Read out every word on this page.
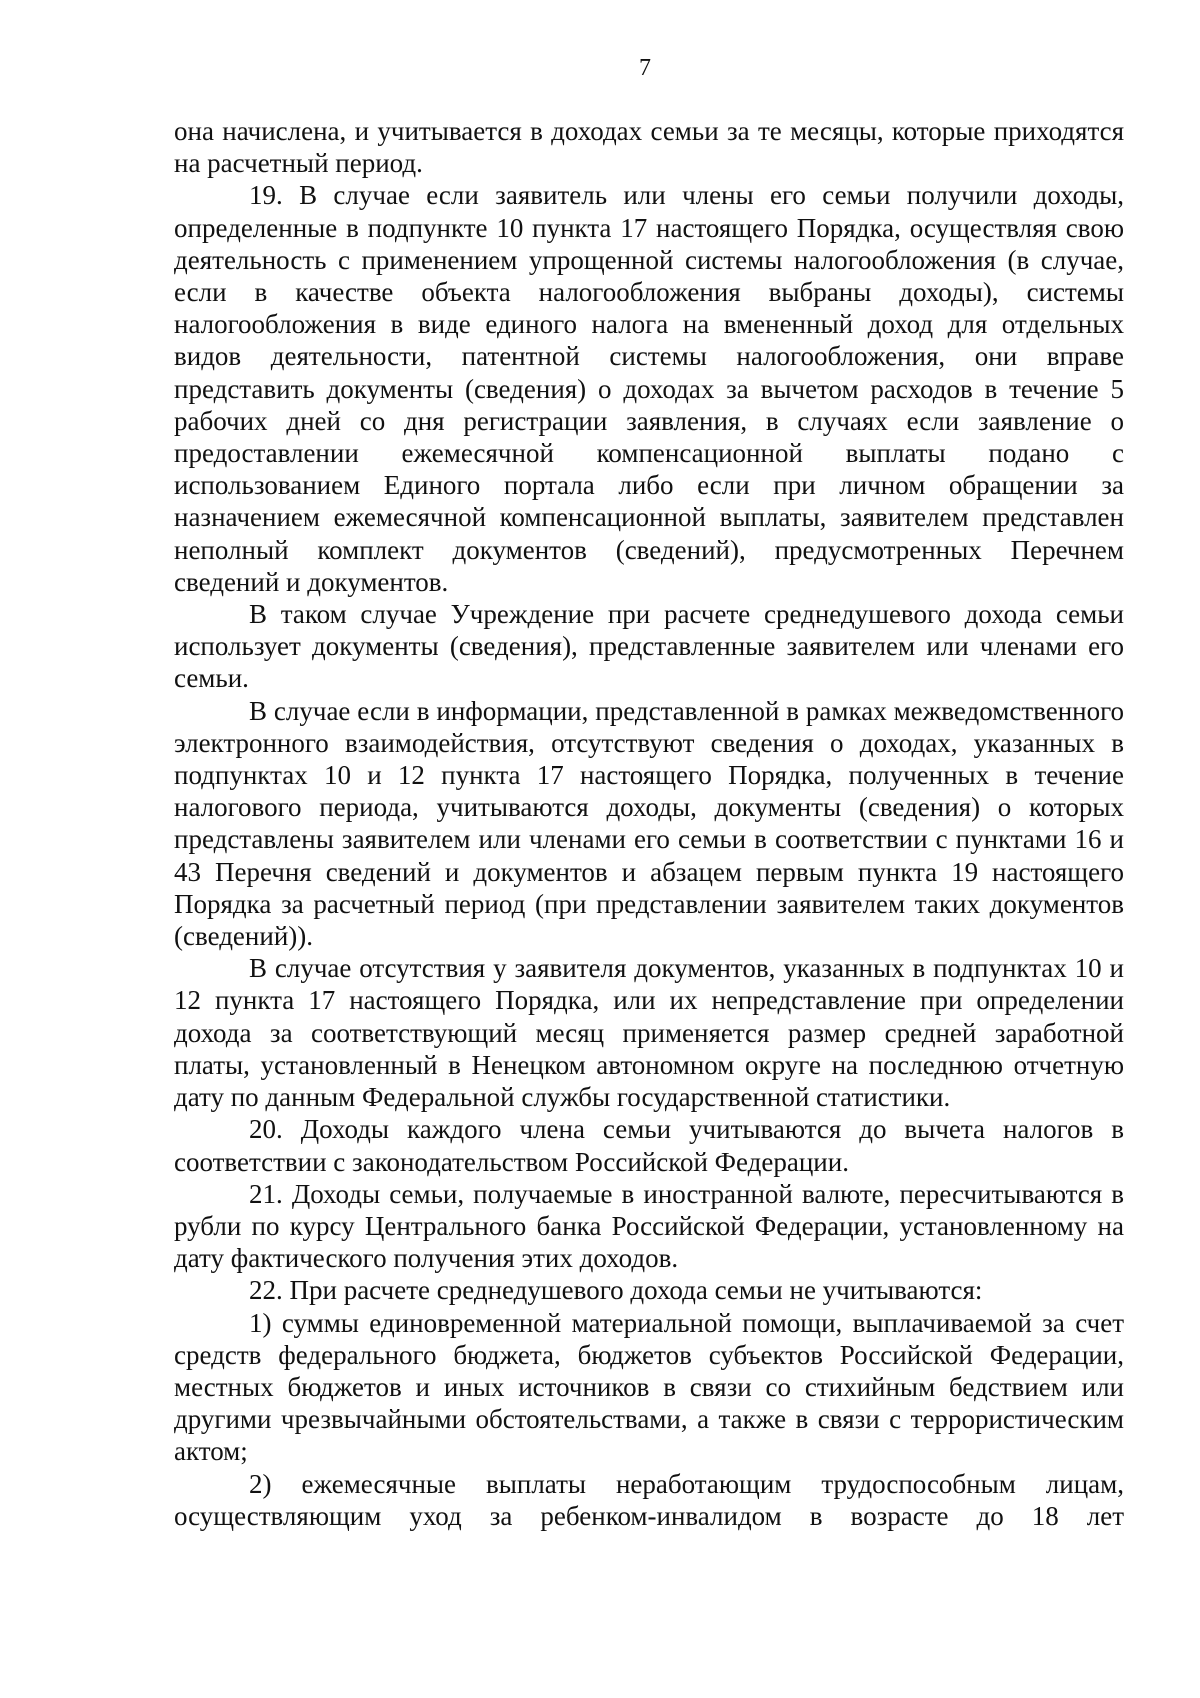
7

она начислена, и учитывается в доходах семьи за те месяцы, которые приходятся на расчетный период.

19. В случае если заявитель или члены его семьи получили доходы, определенные в подпункте 10 пункта 17 настоящего Порядка, осуществляя свою деятельность с применением упрощенной системы налогообложения (в случае, если в качестве объекта налогообложения выбраны доходы), системы налогообложения в виде единого налога на вмененный доход для отдельных видов деятельности, патентной системы налогообложения, они вправе представить документы (сведения) о доходах за вычетом расходов в течение 5 рабочих дней со дня регистрации заявления, в случаях если заявление о предоставлении ежемесячной компенсационной выплаты подано с использованием Единого портала либо если при личном обращении за назначением ежемесячной компенсационной выплаты, заявителем представлен неполный комплект документов (сведений), предусмотренных Перечнем сведений и документов.

В таком случае Учреждение при расчете среднедушевого дохода семьи использует документы (сведения), представленные заявителем или членами его семьи.

В случае если в информации, представленной в рамках межведомственного электронного взаимодействия, отсутствуют сведения о доходах, указанных в подпунктах 10 и 12 пункта 17 настоящего Порядка, полученных в течение налогового периода, учитываются доходы, документы (сведения) о которых представлены заявителем или членами его семьи в соответствии с пунктами 16 и 43 Перечня сведений и документов и абзацем первым пункта 19 настоящего Порядка за расчетный период (при представлении заявителем таких документов (сведений)).

В случае отсутствия у заявителя документов, указанных в подпунктах 10 и 12 пункта 17 настоящего Порядка, или их непредставление при определении дохода за соответствующий месяц применяется размер средней заработной платы, установленный в Ненецком автономном округе на последнюю отчетную дату по данным Федеральной службы государственной статистики.

20. Доходы каждого члена семьи учитываются до вычета налогов в соответствии с законодательством Российской Федерации.

21. Доходы семьи, получаемые в иностранной валюте, пересчитываются в рубли по курсу Центрального банка Российской Федерации, установленному на дату фактического получения этих доходов.

22. При расчете среднедушевого дохода семьи не учитываются:

1) суммы единовременной материальной помощи, выплачиваемой за счет средств федерального бюджета, бюджетов субъектов Российской Федерации, местных бюджетов и иных источников в связи со стихийным бедствием или другими чрезвычайными обстоятельствами, а также в связи с террористическим актом;

2) ежемесячные выплаты неработающим трудоспособным лицам, осуществляющим уход за ребенком-инвалидом в возрасте до 18 лет
